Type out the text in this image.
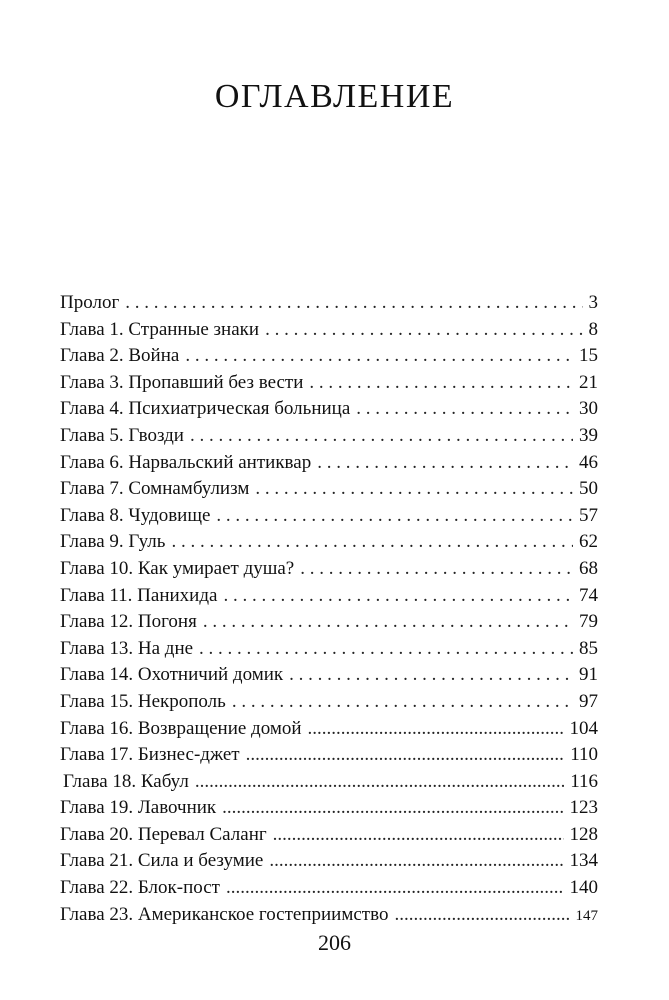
ОГЛАВЛЕНИЕ
Пролог . . .	3
Глава 1. Странные знаки . . .	8
Глава 2. Война . . .	15
Глава 3. Пропавший без вести . . .	21
Глава 4. Психиатрическая больница . . .	30
Глава 5. Гвозди . . .	39
Глава 6. Нарвальский антиквар . . .	46
Глава 7. Сомнамбулизм . . .	50
Глава 8. Чудовище . . .	57
Глава 9. Гуль . . .	62
Глава 10. Как умирает душа? . . .	68
Глава 11. Панихида . . .	74
Глава 12. Погоня . . .	79
Глава 13. На дне . . .	85
Глава 14. Охотничий домик . . .	91
Глава 15. Некрополь . . .	97
Глава 16. Возвращение домой .....	104
Глава 17. Бизнес-джет .....	110
Глава 18. Кабул .....	116
Глава 19. Лавочник .....	123
Глава 20. Перевал Саланг .....	128
Глава 21. Сила и безумие .....	134
Глава 22. Блок-пост .....	140
Глава 23. Американское гостеприимство .....	147
206
